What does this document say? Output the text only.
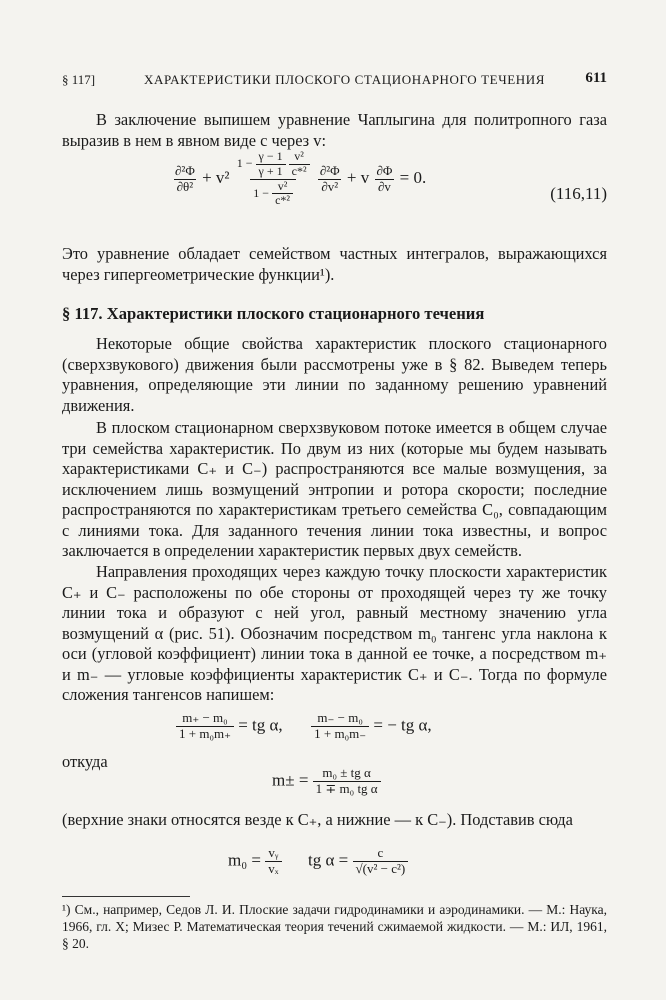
§ 117]	ХАРАКТЕРИСТИКИ ПЛОСКОГО СТАЦИОНАРНОГО ТЕЧЕНИЯ	611
В заключение выпишем уравнение Чаплыгина для политропного газа выразив в нем в явном виде c через v:
$\frac{\text{∂²Φ}}{\text{∂θ²}} + v^2$ $1 - \frac{\gamma - 1}{\gamma + 1}$
$\frac{\text{v²}}{\text{c*²}}$
$1 - \frac{\text{v²}}{\text{c*²}}$
$\frac{\text{∂²Φ}}{\text{∂v²}} + v \frac{\partial\Phi}{\partial v} = 0$.
(116,11)
Это уравнение обладает семейством частных интегралов, выражающихся через гипергеометрические функции¹).
§ 117. Характеристики плоского стационарного течения
Некоторые общие свойства характеристик плоского стационарного (сверхзвукового) движения были рассмотрены уже в § 82. Выведем теперь уравнения, определяющие эти линии по заданному решению уравнений движения.
В плоском стационарном сверхзвуковом потоке имеется в общем случае три семейства характеристик. По двум из них (которые мы будем называть характеристиками C₊ и C₋) распространяются все малые возмущения, за исключением лишь возмущений энтропии и ротора скорости; последние распространяются по характеристикам третьего семейства C₀, совпадающим с линиями тока. Для заданного течения линии тока известны, и вопрос заключается в определении характеристик первых двух семейств.
Направления проходящих через каждую точку плоскости характеристик C₊ и C₋ расположены по обе стороны от проходящей через ту же точку линии тока и образуют с ней угол, равный местному значению угла возмущений α (рис. 51). Обозначим посредством m₀ тангенс угла наклона к оси (угловой коэффициент) линии тока в данной ее точке, а посредством m₊ и m₋ — угловые коэффициенты характеристик C₊ и C₋. Тогда по формуле сложения тангенсов напишем:
$\frac{\text{m₊ − m₀}}{\text{1 + m₀m₊}}$ = tg α, $\frac{\text{m₋ − m₀}}{\text{1 + m₀m₋}}$ = − tg α,
откуда
$m\pm = \frac{\text{m₀ ± tg α}}{\text{1 ∓ m₀ tg α}}$
(верхние знаки относятся везде к C₊, а нижние — к C₋). Подставив сюда
$m_0 = \frac{\text{vᵧ}}{\text{vₓ}}$ tg $\alpha = \frac{c}{\text{√(v² − c²)}}$
¹) См., например, Седов Л. И. Плоские задачи гидродинамики и аэродинамики. — М.: Наука, 1966, гл. X; Мизес Р. Математическая теория течений сжимаемой жидкости. — М.: ИЛ, 1961, § 20.
